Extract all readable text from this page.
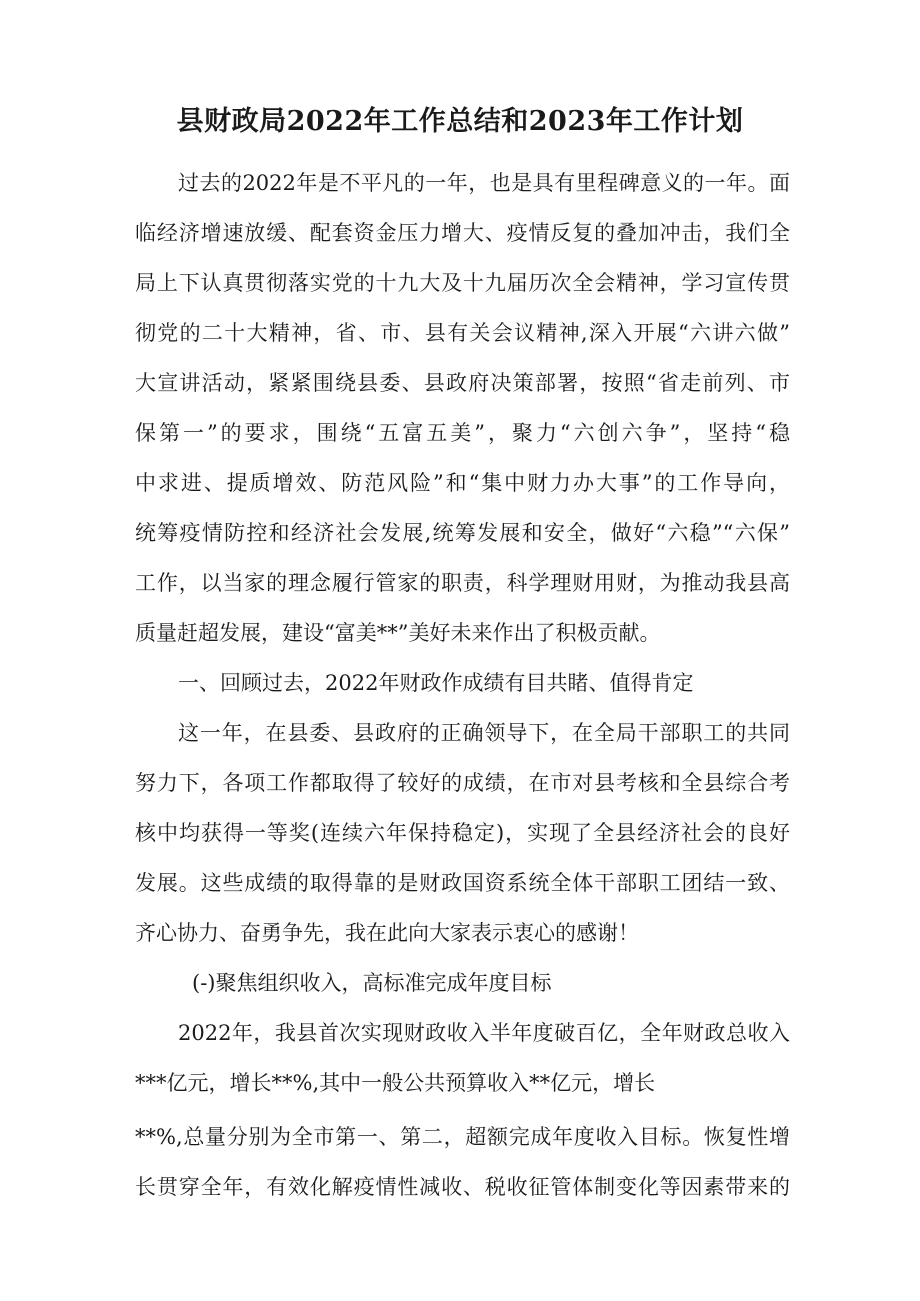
县财政局2022年工作总结和2023年工作计划
过去的2022年是不平凡的一年，也是具有里程碑意义的一年。面
临经济增速放缓、配套资金压力增大、疫情反复的叠加冲击，我们全
局上下认真贯彻落实党的十九大及十九届历次全会精神，学习宣传贯
彻党的二十大精神，省、市、县有关会议精神,深入开展“六讲六做”
大宣讲活动，紧紧围绕县委、县政府决策部署，按照“省走前列、市
保第一”的要求，围绕“五富五美”，聚力“六创六争”，坚持“稳
中求进、提质增效、防范风险”和“集中财力办大事”的工作导向，
统筹疫情防控和经济社会发展,统筹发展和安全，做好“六稳”“六保”
工作，以当家的理念履行管家的职责，科学理财用财，为推动我县高
质量赶超发展，建设“富美**”美好未来作出了积极贡献。
一、回顾过去，2022年财政作成绩有目共睹、值得肯定
这一年，在县委、县政府的正确领导下，在全局干部职工的共同
努力下，各项工作都取得了较好的成绩，在市对县考核和全县综合考
核中均获得一等奖(连续六年保持稳定)，实现了全县经济社会的良好
发展。这些成绩的取得靠的是财政国资系统全体干部职工团结一致、
齐心协力、奋勇争先，我在此向大家表示衷心的感谢！
(-)聚焦组织收入，高标准完成年度目标
2022年，我县首次实现财政收入半年度破百亿，全年财政总收入
***亿元，增长**%,其中一般公共预算收入**亿元，增长
**%,总量分别为全市第一、第二，超额完成年度收入目标。恢复性增
长贯穿全年，有效化解疫情性减收、税收征管体制变化等因素带来的
